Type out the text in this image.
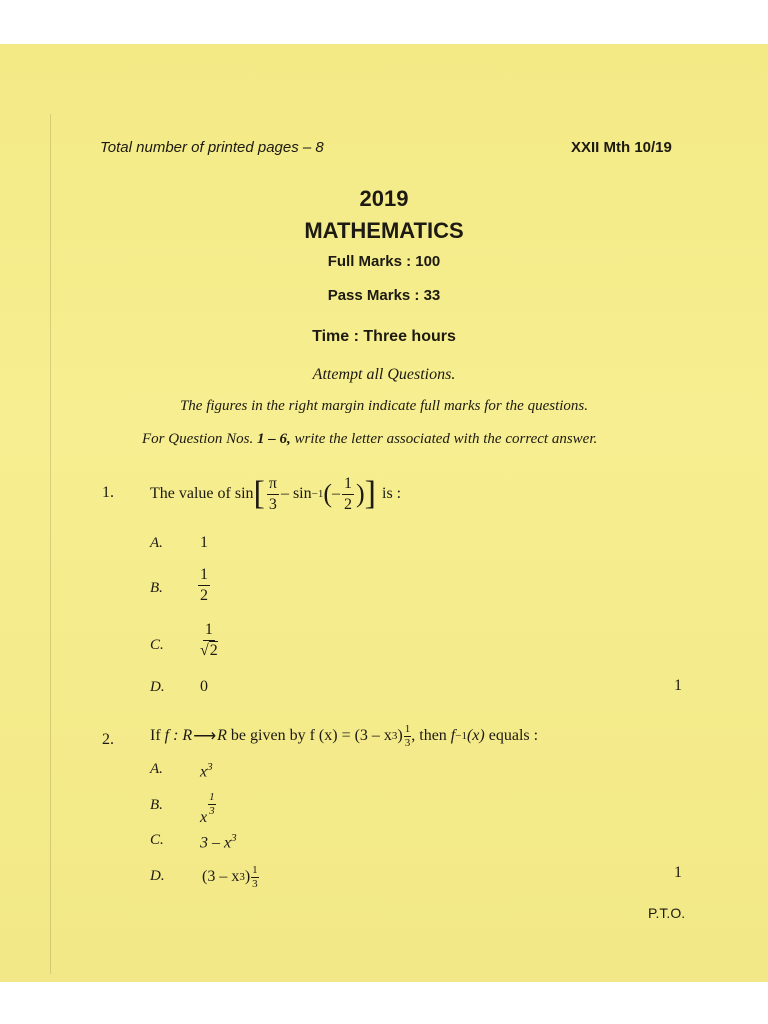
Total number of printed pages – 8	XXII Mth 10/19
2019
MATHEMATICS
Full Marks : 100
Pass Marks : 33
Time : Three hours
Attempt all Questions.
The figures in the right margin indicate full marks for the questions.
For Question Nos. 1 – 6, write the letter associated with the correct answer.
1. The value of sin [ $\frac{\pi}{3} - \sin -1$ ( – $\frac{1}{2}$ ) ] is :
A. 1
B. $\frac{1}{2}$
C. $\frac{1}{√2}$
D. 0	1
2. If
f : R ⟶ R
be given by
f (x) = (3 – x 3 ) 1
3 , then
f −1 (x)
equals :
A. $x^3$
B.
x
1
3
C. $3 - x^3$
D. (3 – x 3 ) 1
3
1
P.T.O.
